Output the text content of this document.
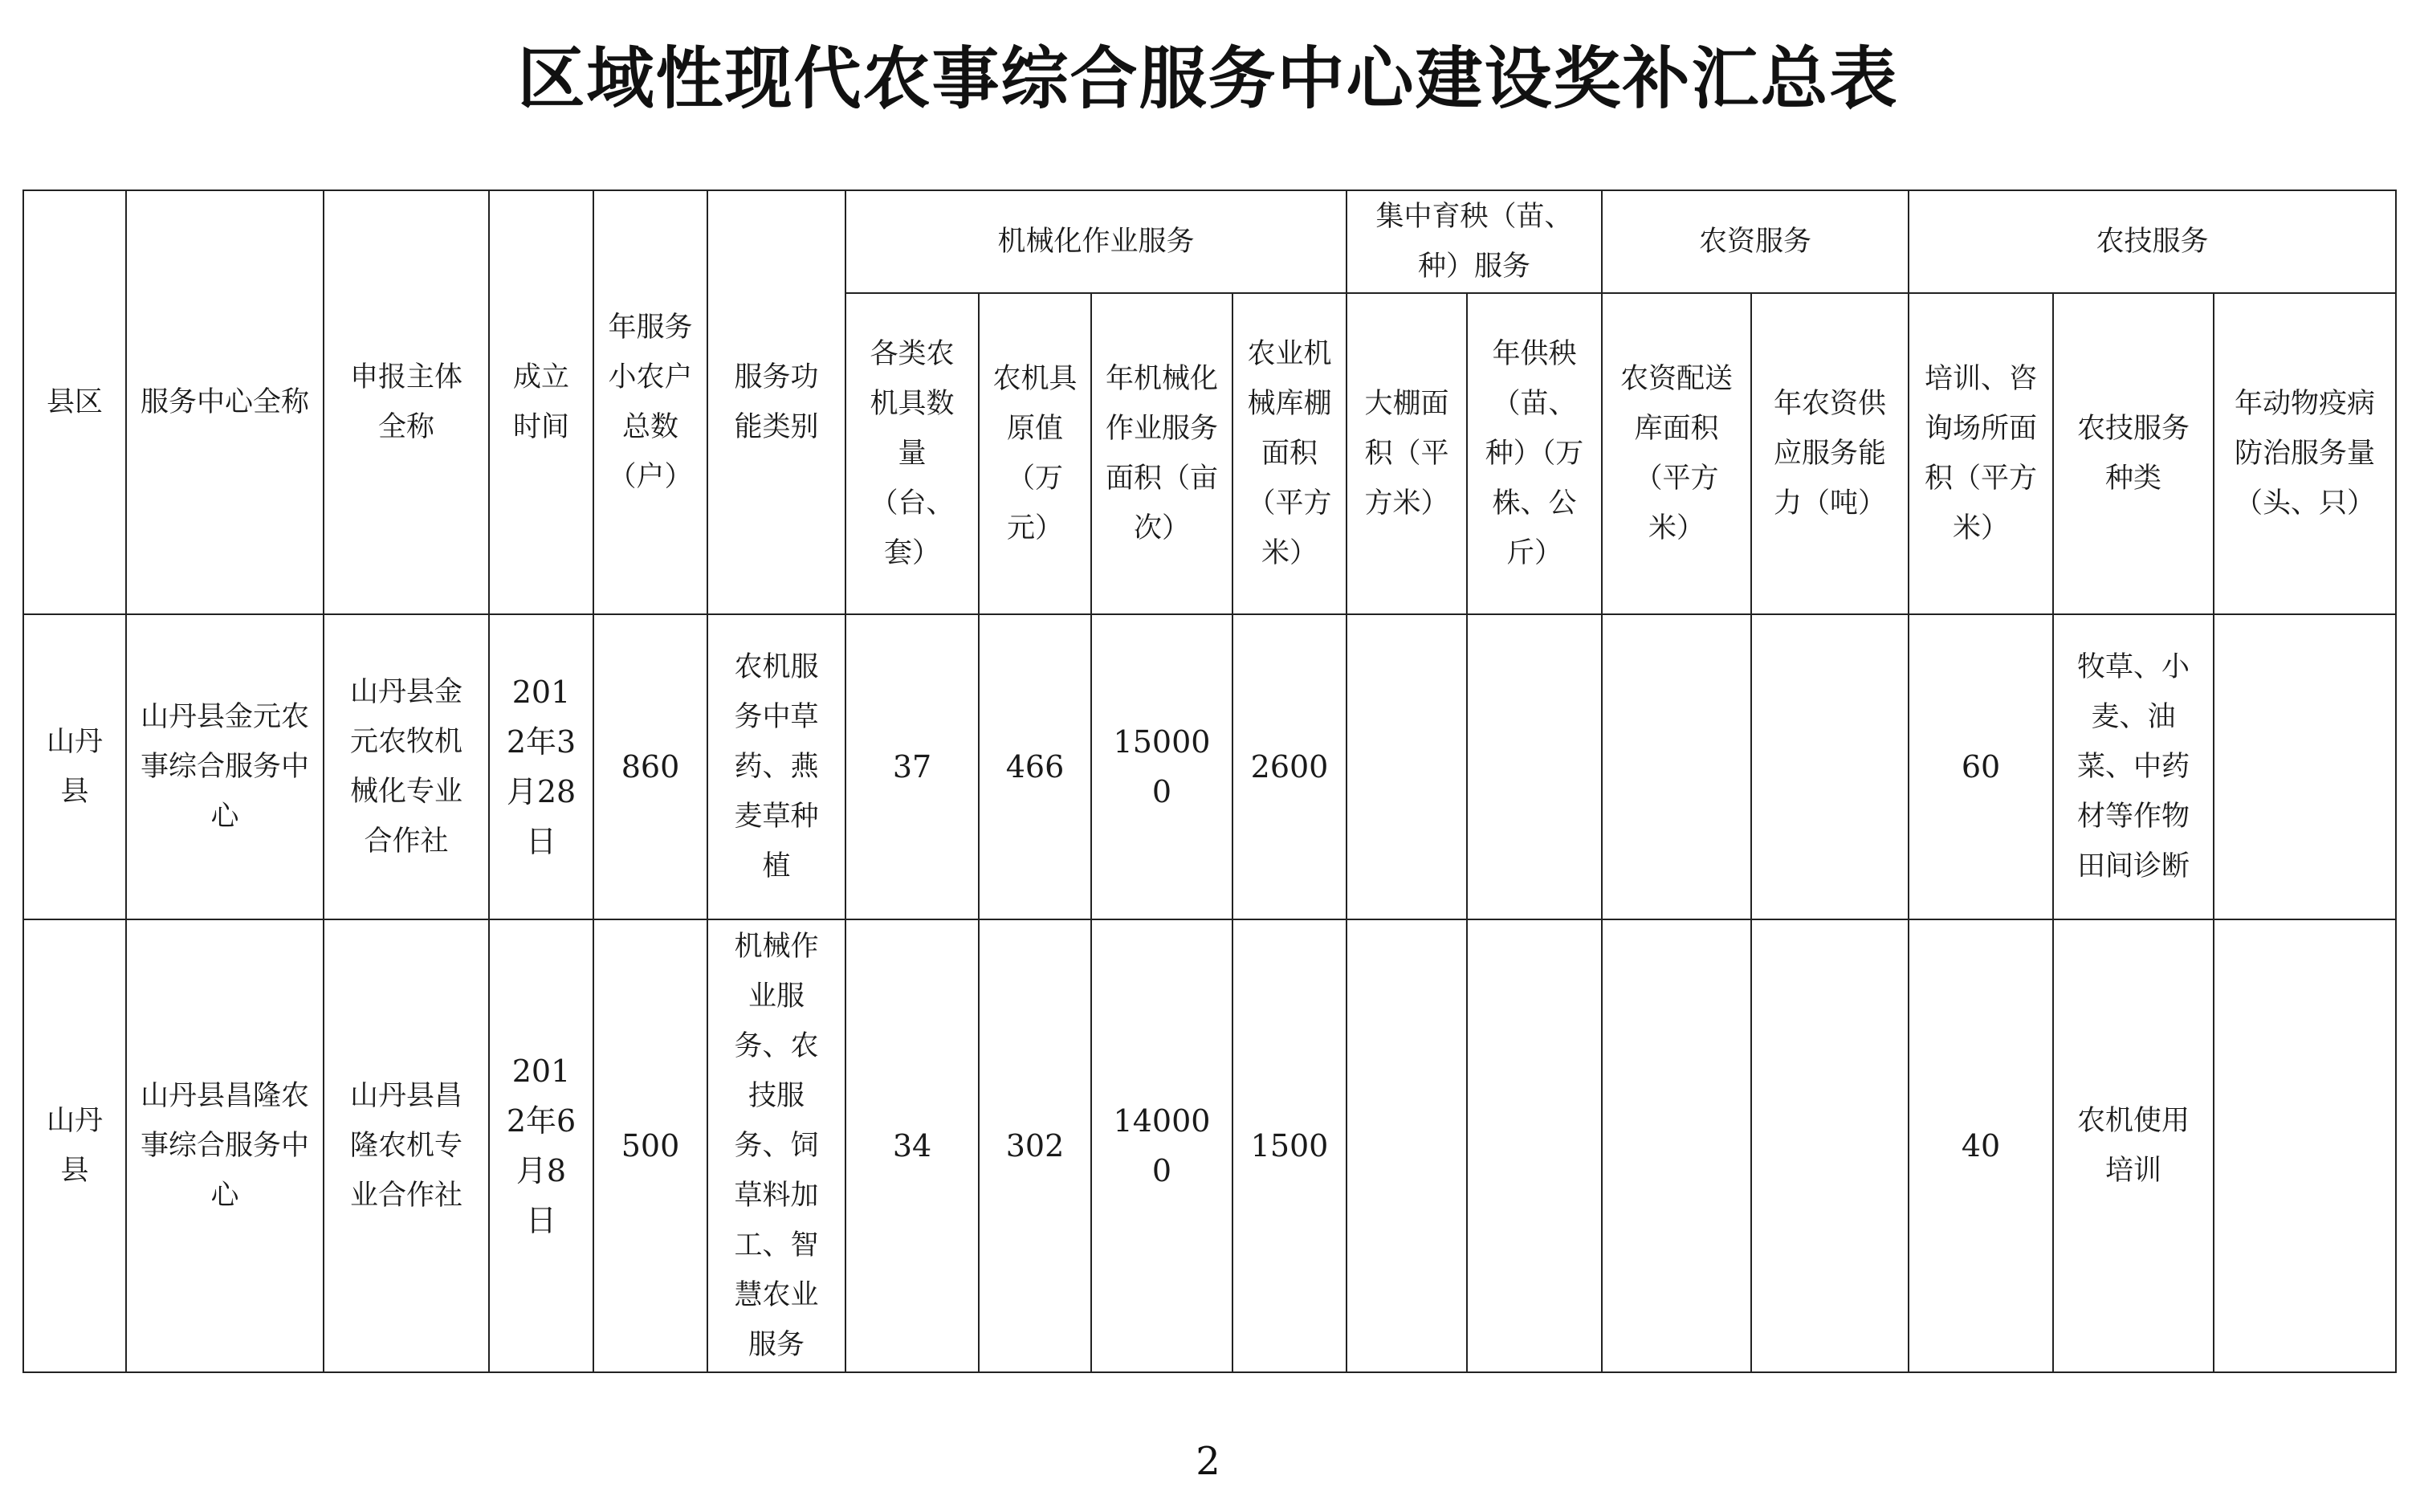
区域性现代农事综合服务中心建设奖补汇总表
县区	服务中心全称	申报主体全称	成立时间	年服务小农户总数（户）	服务功能类别	机械化作业服务				集中育秧（苗、种）服务		农资服务		农技服务		
						各类农机具数量（台、套）	农机具原值（万元）	年机械化作业服务面积（亩次）	农业机械库棚面积（平方米）	大棚面积（平方米）	年供秧（苗、种）（万株、公斤）	农资配送库面积（平方米）	年农资供应服务能力（吨）	培训、咨询场所面积（平方米）	农技服务种类	年动物疫病防治服务量（头、只）
山丹县	山丹县金元农事综合服务中心	山丹县金元农牧机械化专业合作社	2012年3月28日	860	农机服务中草药、燕麦草种植	37	466	150000	2600					60	牧草、小麦、油菜、中药材等作物田间诊断	
山丹县	山丹县昌隆农事综合服务中心	山丹县昌隆农机专业合作社	2012年6月8日	500	机械作业服务、农技服务、饲草料加工、智慧农业服务	34	302	140000	1500					40	农机使用培训	
2
